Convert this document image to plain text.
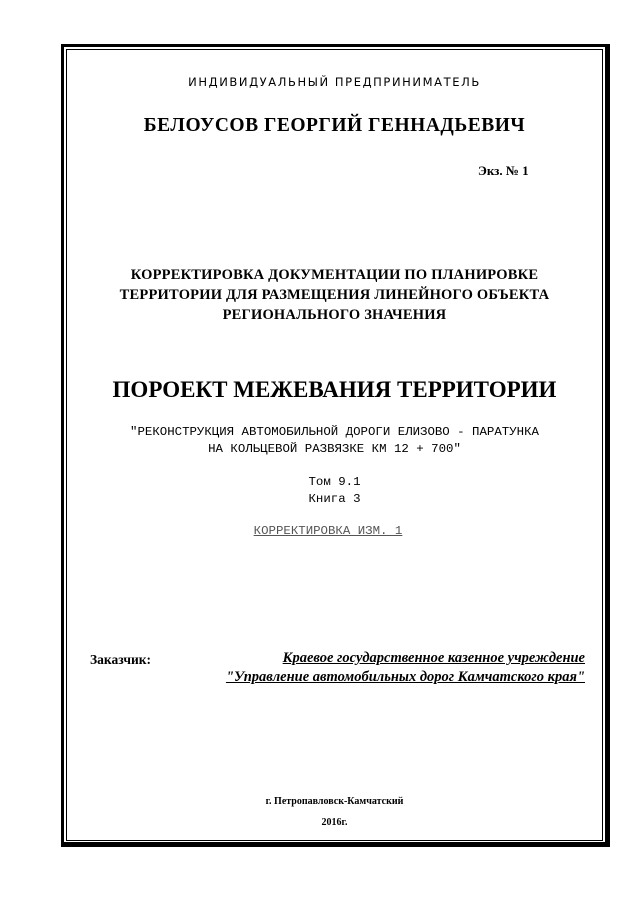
ИНДИВИДУАЛЬНЫЙ ПРЕДПРИНИМАТЕЛЬ
БЕЛОУСОВ ГЕОРГИЙ ГЕННАДЬЕВИЧ
Экз. № 1
КОРРЕКТИРОВКА ДОКУМЕНТАЦИИ ПО ПЛАНИРОВКЕ
ТЕРРИТОРИИ ДЛЯ РАЗМЕЩЕНИЯ ЛИНЕЙНОГО ОБЪЕКТА
РЕГИОНАЛЬНОГО ЗНАЧЕНИЯ
ПОРОЕКТ МЕЖЕВАНИЯ ТЕРРИТОРИИ
"РЕКОНСТРУКЦИЯ АВТОМОБИЛЬНОЙ ДОРОГИ ЕЛИЗОВО - ПАРАТУНКА
НА КОЛЬЦЕВОЙ РАЗВЯЗКЕ КМ 12 + 700"
Том 9.1
Книга 3
КОРРЕКТИРОВКА ИЗМ. 1
Заказчик:	Краевое государственное казенное учреждение
"Управление автомобильных дорог Камчатского края"
г. Петропавловск-Камчатский
2016г.
